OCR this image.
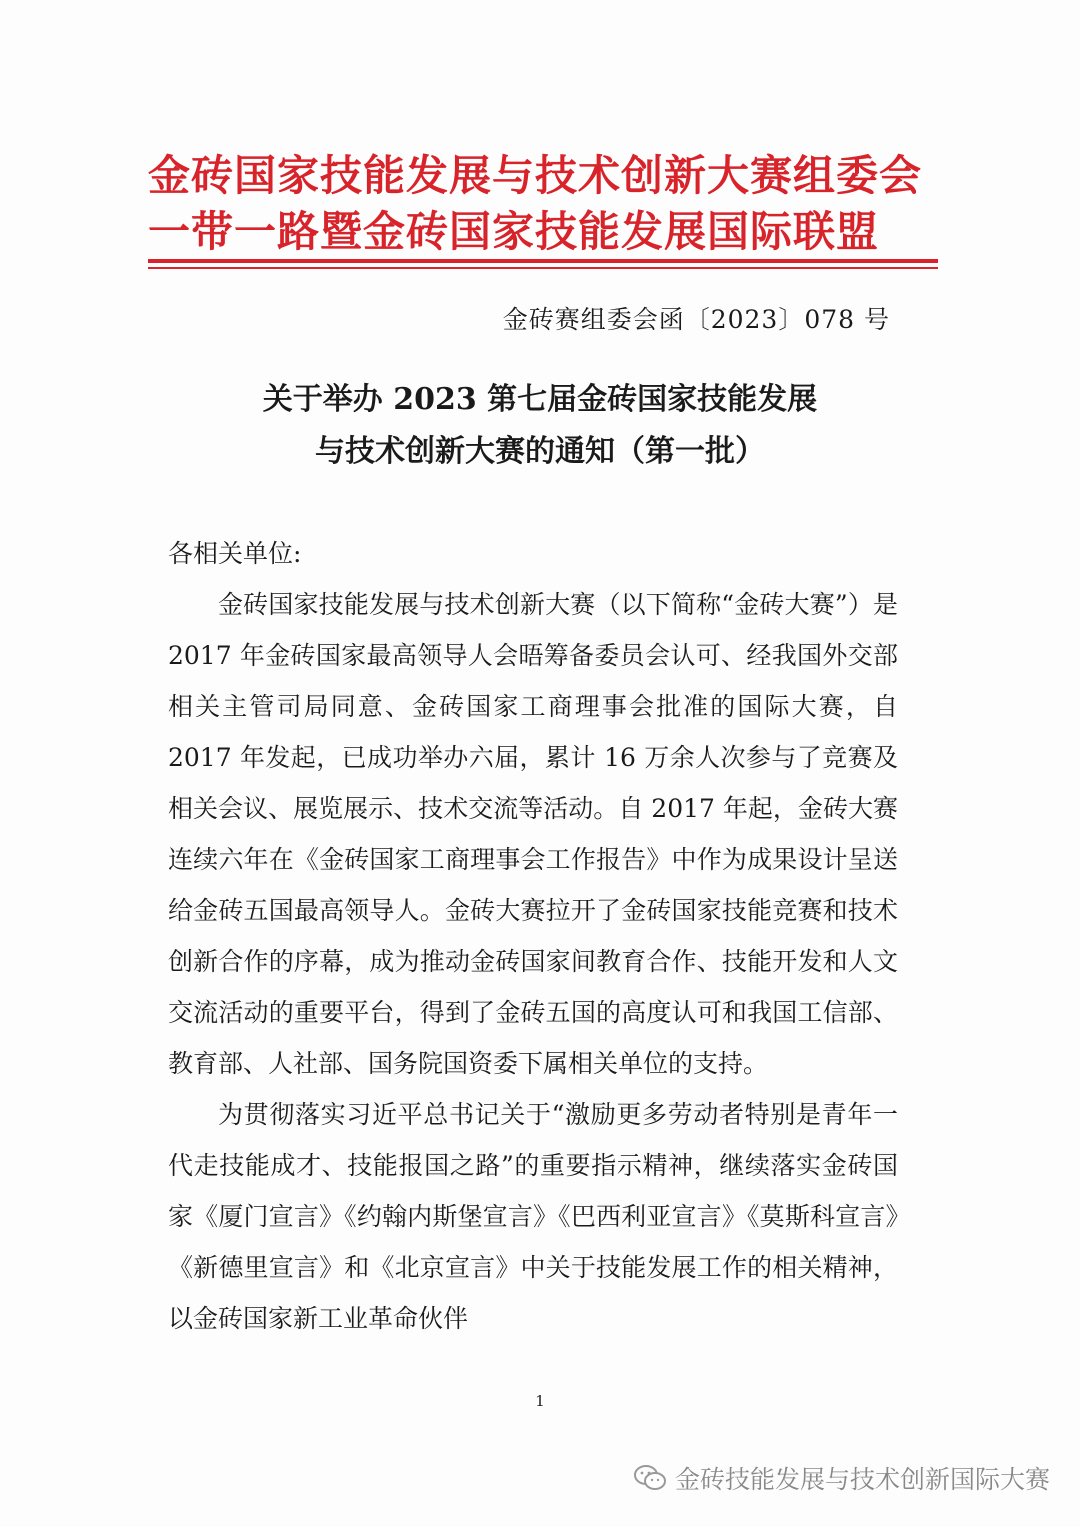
金砖国家技能发展与技术创新大赛组委会
一带一路暨金砖国家技能发展国际联盟
金砖赛组委会函〔2023〕078 号
关于举办 2023 第七届金砖国家技能发展
与技术创新大赛的通知（第一批）

各相关单位:

金砖国家技能发展与技术创新大赛（以下简称“金砖大赛”）是 2017 年金砖国家最高领导人会晤筹备委员会认可、经我国外交部相关主管司局同意、金砖国家工商理事会批准的国际大赛，自 2017 年发起，已成功举办六届，累计 16 万余人次参与了竞赛及相关会议、展览展示、技术交流等活动。自 2017 年起，金砖大赛连续六年在《金砖国家工商理事会工作报告》中作为成果设计呈送给金砖五国最高领导人。金砖大赛拉开了金砖国家技能竞赛和技术创新合作的序幕，成为推动金砖国家间教育合作、技能开发和人文交流活动的重要平台，得到了金砖五国的高度认可和我国工信部、教育部、人社部、国务院国资委下属相关单位的支持。

为贯彻落实习近平总书记关于“激励更多劳动者特别是青年一代走技能成才、技能报国之路”的重要指示精神，继续落实金砖国家《厦门宣言》《约翰内斯堡宣言》《巴西利亚宣言》《莫斯科宣言》《新德里宣言》和《北京宣言》中关于技能发展工作的相关精神，以金砖国家新工业革命伙伴

1
金砖技能发展与技术创新国际大赛
